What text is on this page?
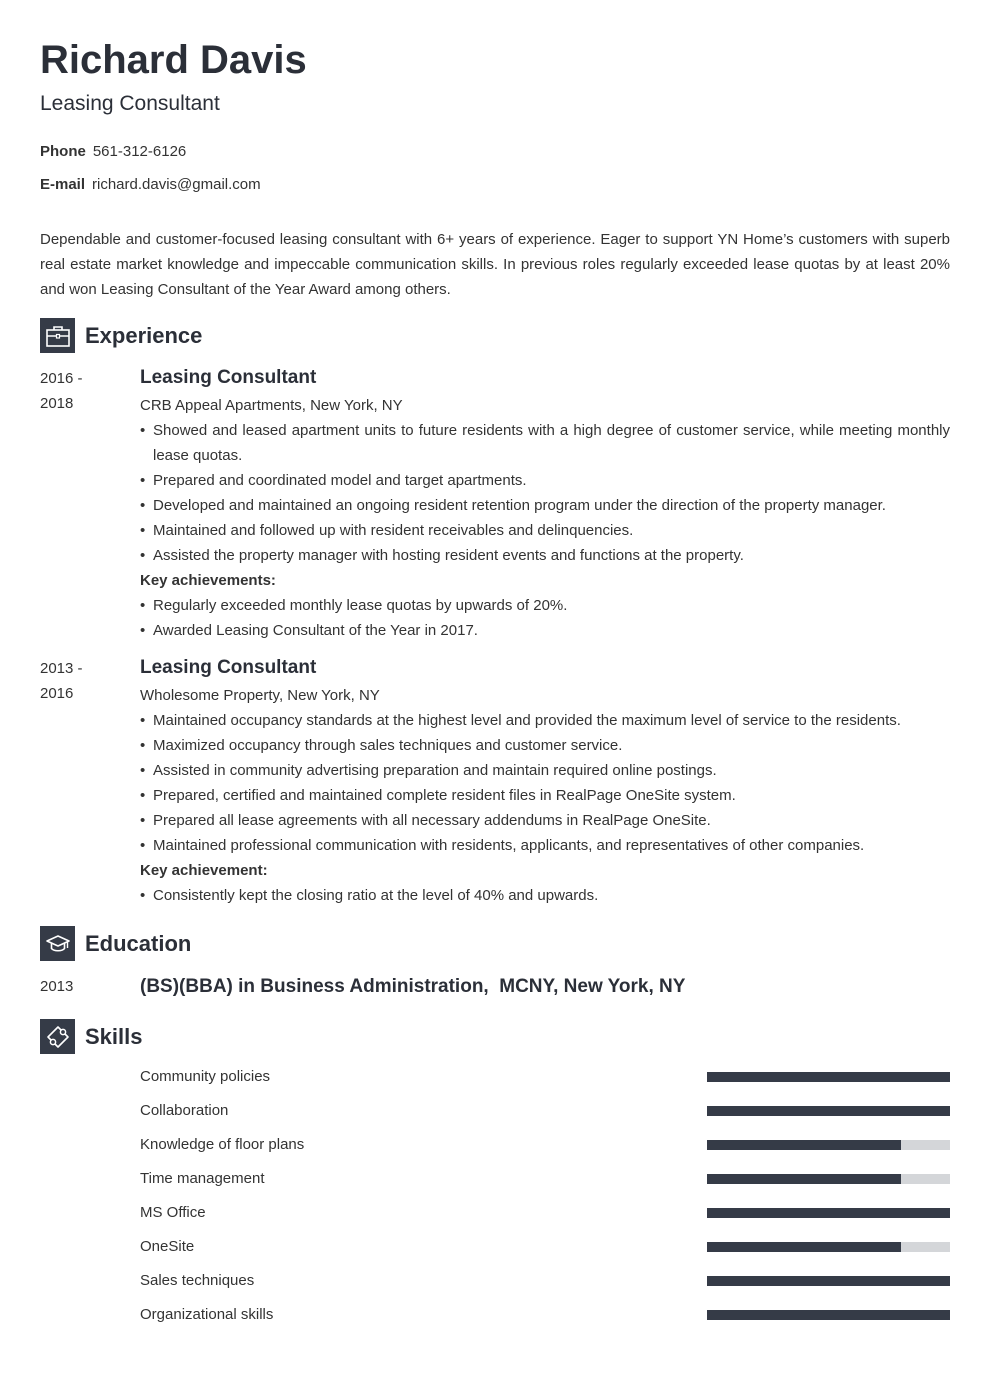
Richard Davis
Leasing Consultant
Phone 561-312-6126
E-mail richard.davis@gmail.com

Dependable and customer-focused leasing consultant with 6+ years of experience. Eager to support YN Home’s customers with superb real estate market knowledge and impeccable communication skills. In previous roles regularly exceeded lease quotas by at least 20% and won Leasing Consultant of the Year Award among others.

Experience
2016 -
2018
Leasing Consultant
CRB Appeal Apartments, New York, NY
• Showed and leased apartment units to future residents with a high degree of customer service, while meeting monthly lease quotas.
• Prepared and coordinated model and target apartments.
• Developed and maintained an ongoing resident retention program under the direction of the property manager.
• Maintained and followed up with resident receivables and delinquencies.
• Assisted the property manager with hosting resident events and functions at the property.
Key achievements:
• Regularly exceeded monthly lease quotas by upwards of 20%.
• Awarded Leasing Consultant of the Year in 2017.
2013 -
2016
Leasing Consultant
Wholesome Property, New York, NY
• Maintained occupancy standards at the highest level and provided the maximum level of service to the residents.
• Maximized occupancy through sales techniques and customer service.
• Assisted in community advertising preparation and maintain required online postings.
• Prepared, certified and maintained complete resident files in RealPage OneSite system.
• Prepared all lease agreements with all necessary addendums in RealPage OneSite.
• Maintained professional communication with residents, applicants, and representatives of other companies.
Key achievement:
• Consistently kept the closing ratio at the level of 40% and upwards.
Education
2013	(BS)(BBA) in Business Administration,  MCNY, New York, NY
Skills
Community policies
Collaboration
Knowledge of floor plans
Time management
MS Office
OneSite
Sales techniques
Organizational skills
